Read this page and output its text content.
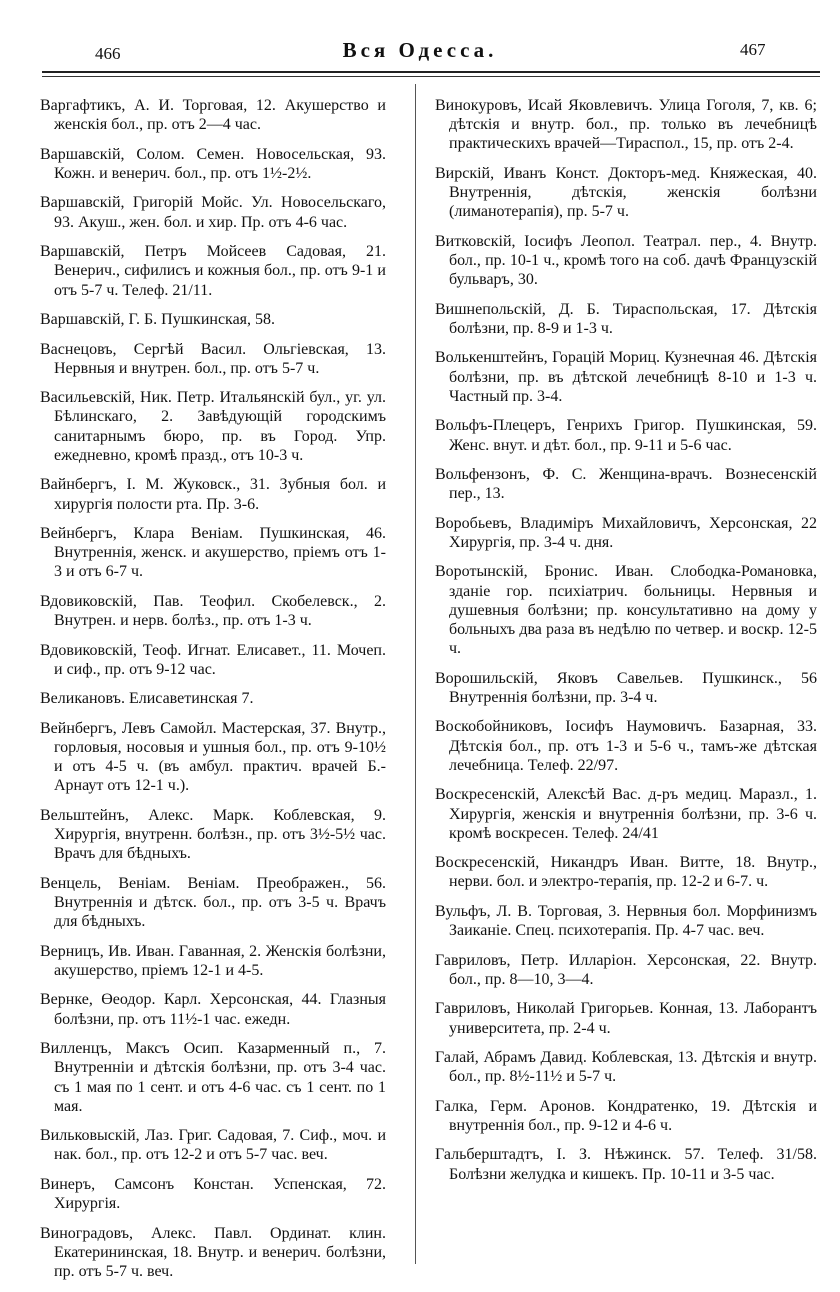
466	Вся Одесса.	467

Варгафтикъ, А. И. Торговая, 12. Акушерство и женскія бол., пр. отъ 2—4 час.

Варшавскій, Солом. Семен. Новосельская, 93. Кожн. и венерич. бол., пр. отъ 1½-2½.

Варшавскій, Григорій Мойс. Ул. Новосельскаго, 93. Акуш., жен. бол. и хир. Пр. отъ 4-6 час.

Варшавскій, Петръ Мойсеев Садовая, 21. Венерич., сифилисъ и кожныя бол., пр. отъ 9-1 и отъ 5-7 ч. Телеф. 21/11.

Варшавскій, Г. Б. Пушкинская, 58.

Васнецовъ, Сергѣй Васил. Ольгіевская, 13. Нервныя и внутрен. бол., пр. отъ 5-7 ч.

Васильевскій, Ник. Петр. Итальянскій бул., уг. ул. Бѣлинскаго, 2. Завѣдующій городскимъ санитарнымъ бюро, пр. въ Город. Упр. ежедневно, кромѣ празд., отъ 10-3 ч.

Вайнбергъ, І. М. Жуковск., 31. Зубныя бол. и хирургія полости рта. Пр. 3-6.

Вейнбергъ, Клара Веніам. Пушкинская, 46. Внутреннія, женск. и акушерство, пріемъ отъ 1-3 и отъ 6-7 ч.

Вдовиковскій, Пав. Теофил. Скобелевск., 2. Внутрен. и нерв. болѣз., пр. отъ 1-3 ч.

Вдовиковскій, Теоф. Игнат. Елисавет., 11. Мочеп. и сиф., пр. отъ 9-12 час.

Великановъ. Елисаветинская 7.

Вейнбергъ, Левъ Самойл. Мастерская, 37. Внутр., горловыя, носовыя и ушныя бол., пр. отъ 9-10½ и отъ 4-5 ч. (въ амбул. практич. врачей Б.-Арнаут отъ 12-1 ч.).

Вельштейнъ, Алекс. Марк. Коблевская, 9. Хирургія, внутренн. болѣзн., пр. отъ 3½-5½ час. Врачъ для бѣдныхъ.

Венцель, Веніам. Веніам. Преображен., 56. Внутреннія и дѣтск. бол., пр. отъ 3-5 ч. Врачъ для бѣдныхъ.

Верницъ, Ив. Иван. Гаванная, 2. Женскія болѣзни, акушерство, пріемъ 12-1 и 4-5.

Вернке, Өеодор. Карл. Херсонская, 44. Глазныя болѣзни, пр. отъ 11½-1 час. ежедн.

Вилленцъ, Максъ Осип. Казарменный п., 7. Внутренніи и дѣтскія болѣзни, пр. отъ 3-4 час. съ 1 мая по 1 сент. и отъ 4-6 час. съ 1 сент. по 1 мая.

Вильковыскій, Лаз. Григ. Садовая, 7. Сиф., моч. и нак. бол., пр. отъ 12-2 и отъ 5-7 час. веч.

Винеръ, Самсонъ Констан. Успенская, 72. Хирургія.

Виноградовъ, Алекс. Павл. Ординат. клин. Екатерининская, 18. Внутр. и венерич. болѣзни, пр. отъ 5-7 ч. веч.

Винокуровъ, Исай Яковлевичъ. Улица Гоголя, 7, кв. 6; дѣтскія и внутр. бол., пр. только въ лечебницѣ практическихъ врачей—Тираспол., 15, пр. отъ 2-4.

Вирскій, Иванъ Конст. Докторъ-мед. Княжеская, 40. Внутреннія, дѣтскія, женскія болѣзни (лиманотерапія), пр. 5-7 ч.

Витковскій, Іосифъ Леопол. Театрал. пер., 4. Внутр. бол., пр. 10-1 ч., кромѣ того на соб. дачѣ Французскій бульваръ, 30.

Вишнепольскій, Д. Б. Тираспольская, 17. Дѣтскія болѣзни, пр. 8-9 и 1-3 ч.

Волькенштейнъ, Горацій Мориц. Кузнечная 46. Дѣтскія болѣзни, пр. въ дѣтской лечебницѣ 8-10 и 1-3 ч. Частный пр. 3-4.

Вольфъ-Плецеръ, Генрихъ Григор. Пушкинская, 59. Женс. внут. и дѣт. бол., пр. 9-11 и 5-6 час.

Вольфензонъ, Ф. С. Женщина-врачъ. Вознесенскій пер., 13.

Воробьевъ, Владиміръ Михайловичъ, Херсонская, 22 Хирургія, пр. 3-4 ч. дня.

Воротынскій, Бронис. Иван. Слободка-Романовка, зданіе гор. психіатрич. больницы. Нервныя и душевныя болѣзни; пр. консультативно на дому у больныхъ два раза въ недѣлю по четвер. и воскр. 12-5 ч.

Ворошильскій, Яковъ Савельев. Пушкинск., 56 Внутреннія болѣзни, пр. 3-4 ч.

Воскобойниковъ, Іосифъ Наумовичъ. Базарная, 33. Дѣтскія бол., пр. отъ 1-3 и 5-6 ч., тамъ-же дѣтская лечебница. Телеф. 22/97.

Воскресенскій, Алексѣй Вас. д-ръ медиц. Маразл., 1. Хирургія, женскія и внутреннія болѣзни, пр. 3-6 ч. кромѣ воскресен. Телеф. 24/41

Воскресенскій, Никандръ Иван. Витте, 18. Внутр., нерви. бол. и электро-терапія, пр. 12-2 и 6-7. ч.

Вульфъ, Л. В. Торговая, 3. Нервныя бол. Морфинизмъ Заиканіе. Спец. психотерапія. Пр. 4-7 час. веч.

Гавриловъ, Петр. Илларіон. Херсонская, 22. Внутр. бол., пр. 8—10, 3—4.

Гавриловъ, Николай Григорьев. Конная, 13. Лаборантъ университета, пр. 2-4 ч.

Галай, Абрамъ Давид. Коблевская, 13. Дѣтскія и внутр. бол., пр. 8½-11½ и 5-7 ч.

Галка, Герм. Аронов. Кондратенко, 19. Дѣтскія и внутреннія бол., пр. 9-12 и 4-6 ч.

Гальберштадтъ, І. З. Нѣжинск. 57. Телеф. 31/58. Болѣзни желудка и кишекъ. Пр. 10-11 и 3-5 час.
